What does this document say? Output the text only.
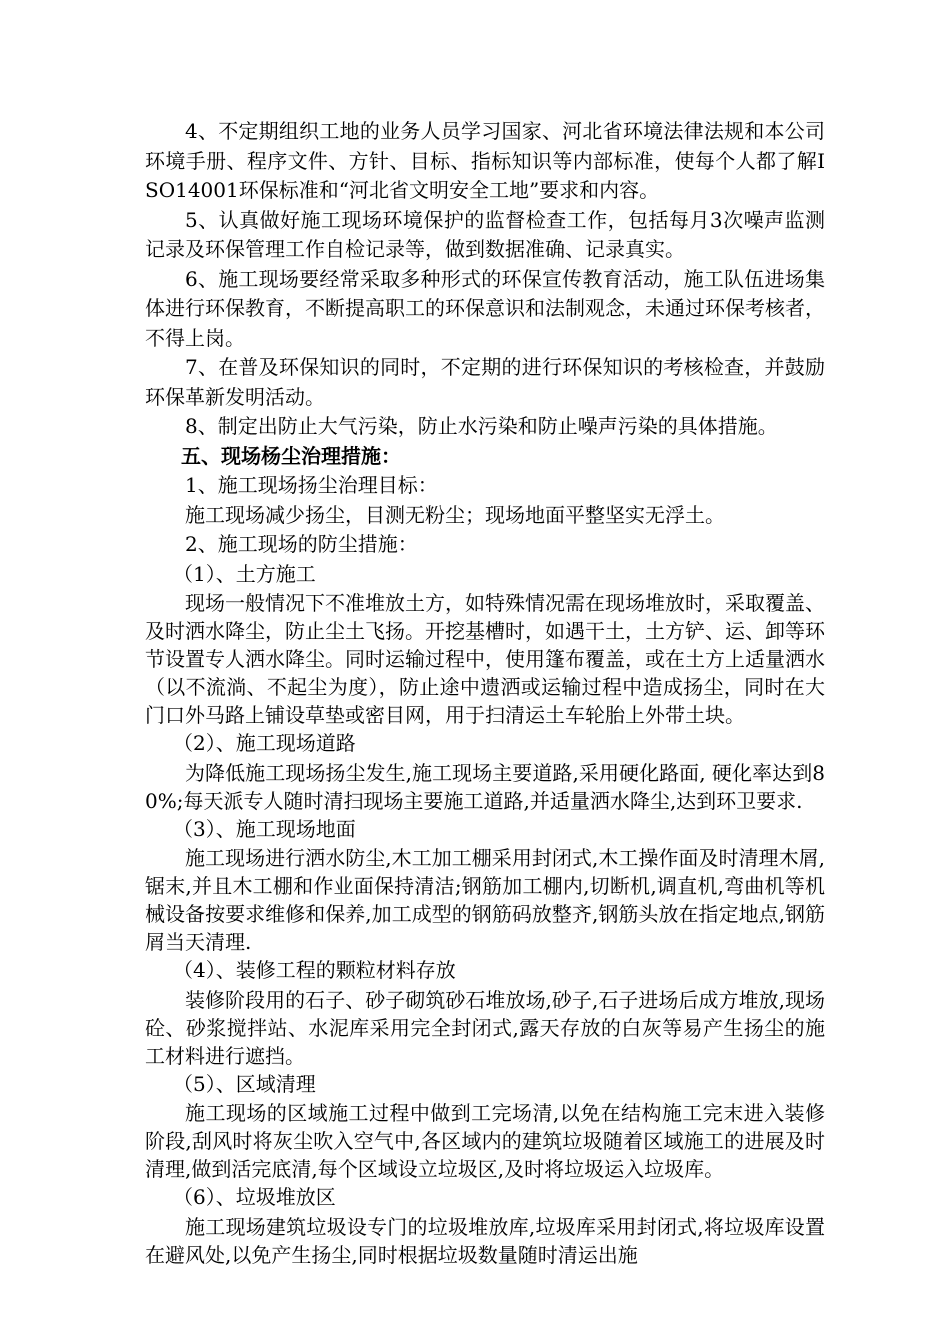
4、不定期组织工地的业务人员学习国家、河北省环境法律法规和本公司环境手册、程序文件、方针、目标、指标知识等内部标准，使每个人都了解ISO14001环保标准和“河北省文明安全工地”要求和内容。

5、认真做好施工现场环境保护的监督检查工作，包括每月3次噪声监测记录及环保管理工作自检记录等，做到数据准确、记录真实。

6、施工现场要经常采取多种形式的环保宣传教育活动，施工队伍进场集体进行环保教育，不断提高职工的环保意识和法制观念，未通过环保考核者，不得上岗。

7、在普及环保知识的同时，不定期的进行环保知识的考核检查，并鼓励环保革新发明活动。

8、制定出防止大气污染，防止水污染和防止噪声污染的具体措施。

五、现场杨尘治理措施：

1、施工现场扬尘治理目标：

施工现场减少扬尘，目测无粉尘；现场地面平整坚实无浮土。

2、施工现场的防尘措施：

（1）、土方施工

现场一般情况下不准堆放土方，如特殊情况需在现场堆放时，采取覆盖、及时洒水降尘，防止尘土飞扬。开挖基槽时，如遇干土，土方铲、运、卸等环节设置专人洒水降尘。同时运输过程中，使用篷布覆盖，或在土方上适量洒水（以不流淌、不起尘为度），防止途中遗洒或运输过程中造成扬尘，同时在大门口外马路上铺设草垫或密目网，用于扫清运土车轮胎上外带土块。

（2）、施工现场道路

为降低施工现场扬尘发生,施工现场主要道路,采用硬化路面, 硬化率达到80%;每天派专人随时清扫现场主要施工道路,并适量洒水降尘,达到环卫要求.

（3）、施工现场地面

施工现场进行洒水防尘,木工加工棚采用封闭式,木工操作面及时清理木屑,锯末,并且木工棚和作业面保持清洁;钢筋加工棚内,切断机,调直机,弯曲机等机械设备按要求维修和保养,加工成型的钢筋码放整齐,钢筋头放在指定地点,钢筋屑当天清理.

（4）、装修工程的颗粒材料存放

装修阶段用的石子、砂子砌筑砂石堆放场,砂子,石子进场后成方堆放,现场砼、砂浆搅拌站、水泥库采用完全封闭式,露天存放的白灰等易产生扬尘的施工材料进行遮挡。

（5）、区域清理

施工现场的区域施工过程中做到工完场清,以免在结构施工完末进入装修阶段,刮风时将灰尘吹入空气中,各区域内的建筑垃圾随着区域施工的进展及时清理,做到活完底清,每个区域设立垃圾区,及时将垃圾运入垃圾库。

（6）、垃圾堆放区

施工现场建筑垃圾设专门的垃圾堆放库,垃圾库采用封闭式,将垃圾库设置在避风处,以免产生扬尘,同时根据垃圾数量随时清运出施
